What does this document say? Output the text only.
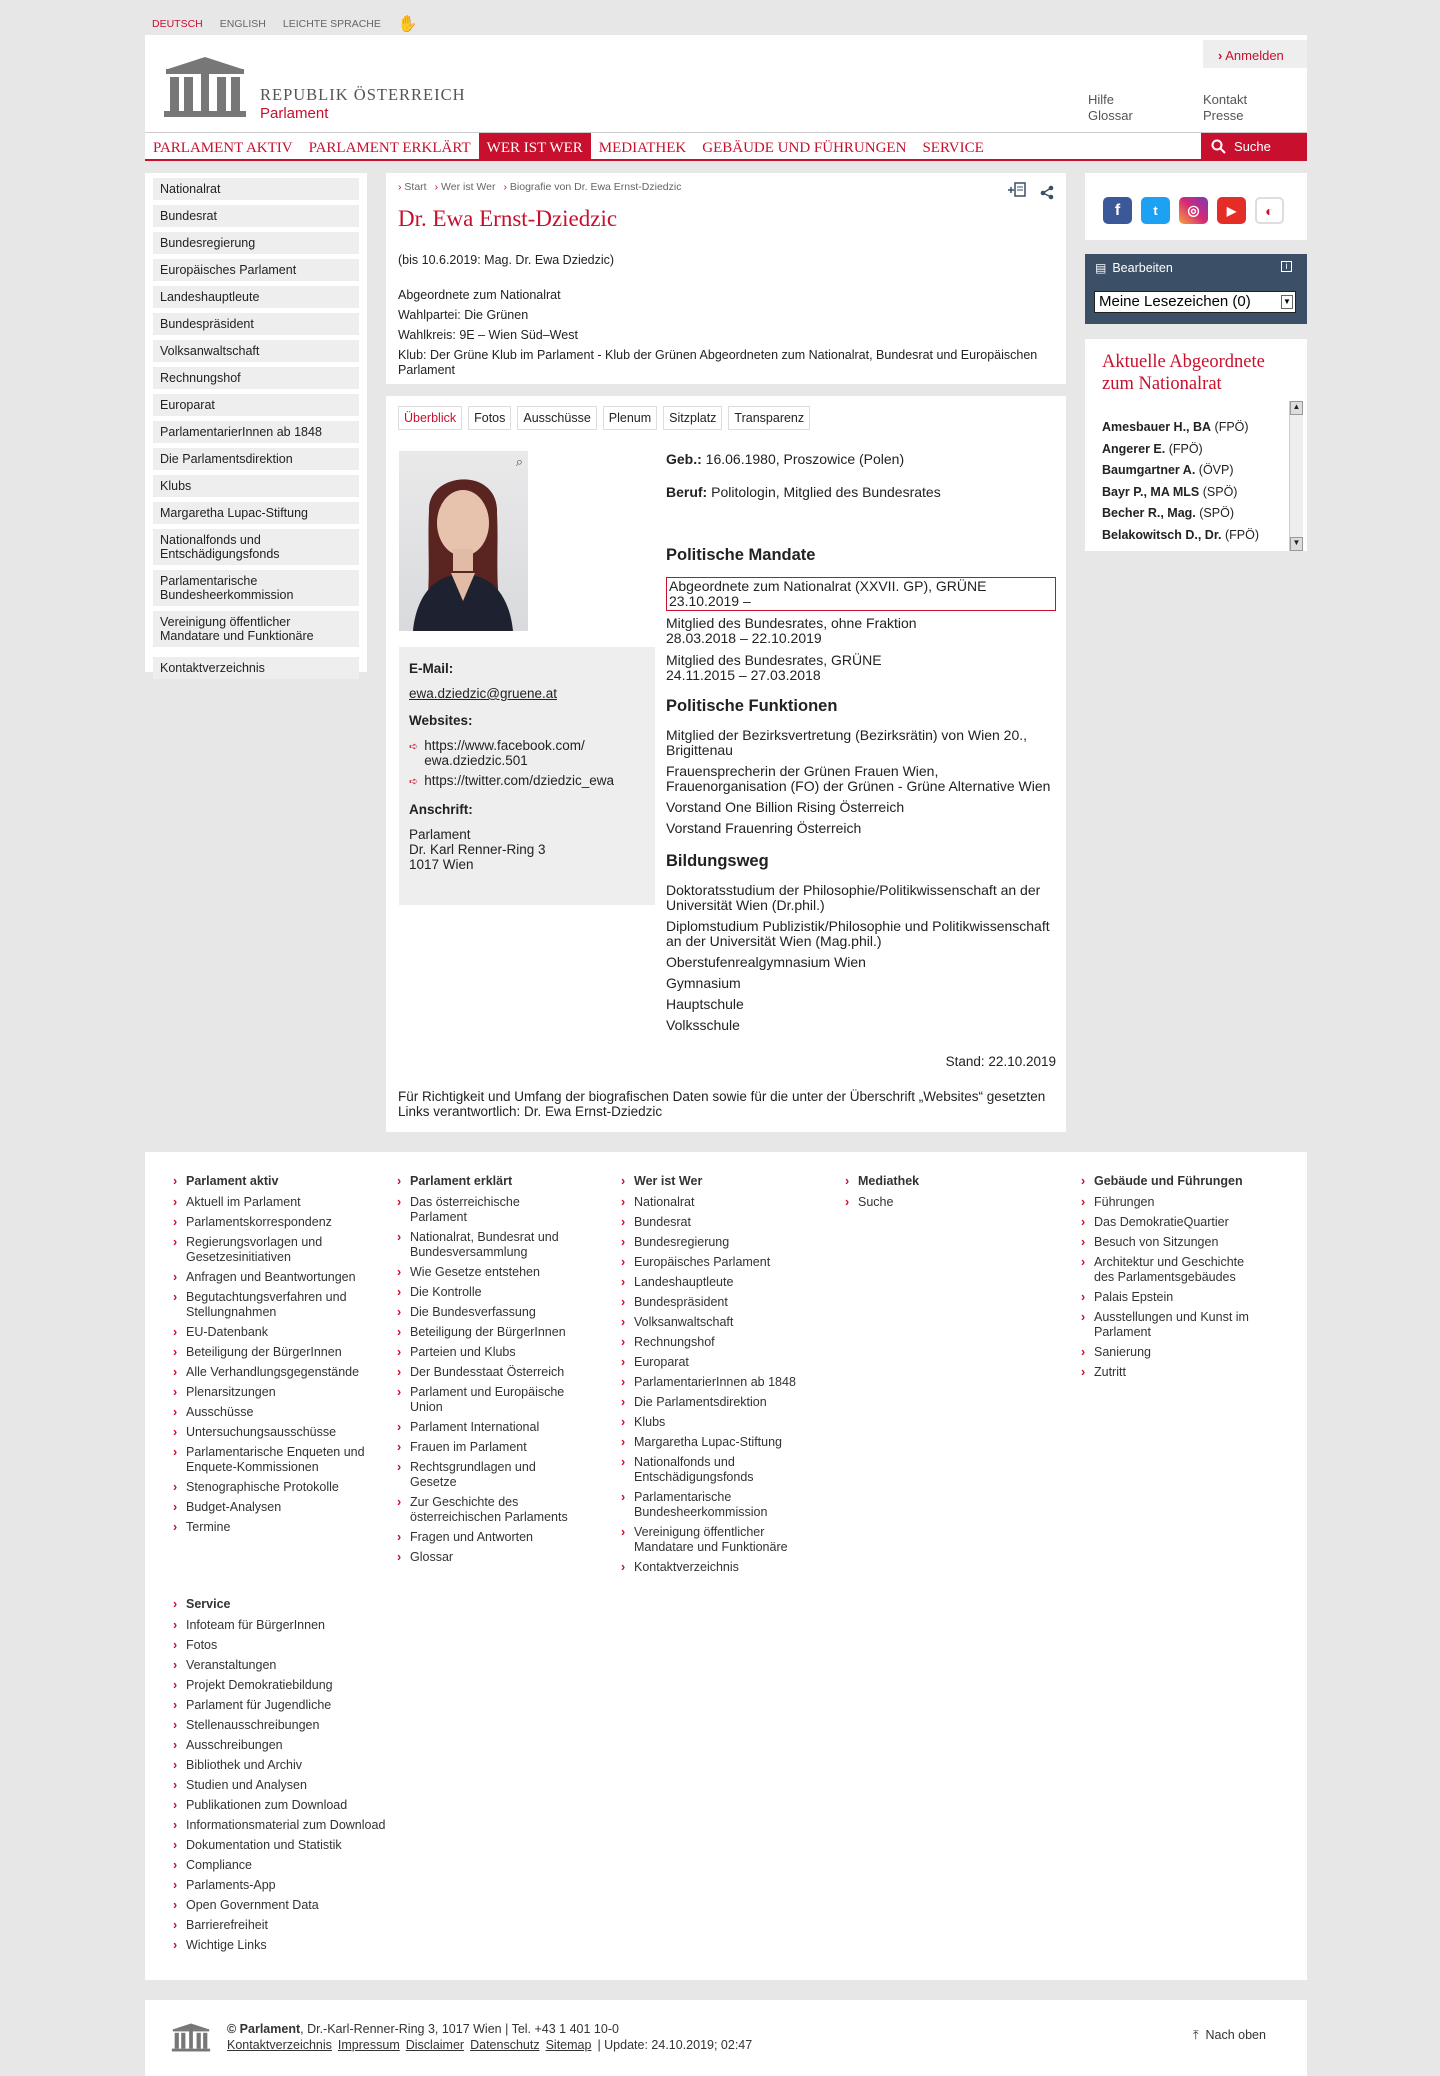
DEUTSCH ENGLISH LEICHTE SPRACHE ✋
REPUBLIK ÖSTERREICH
Parlament
› Anmelden
Hilfe
Glossar
Kontakt
Presse
PARLAMENT AKTIV	PARLAMENT ERKLÄRT	WER IST WER	MEDIATHEK	GEBÄUDE UND FÜHRUNGEN	SERVICE	Suche
Nationalrat
Bundesrat
Bundesregierung
Europäisches Parlament
Landeshauptleute
Bundespräsident
Volksanwaltschaft
Rechnungshof
Europarat
ParlamentarierInnen ab 1848
Die Parlamentsdirektion
Klubs
Margaretha Lupac-Stiftung
Nationalfonds und Entschädigungsfonds
Parlamentarische Bundesheerkommission
Vereinigung öffentlicher Mandatare und Funktionäre
Kontaktverzeichnis
› Start › Wer ist Wer › Biografie von Dr. Ewa Ernst-Dziedzic
Dr. Ewa Ernst-Dziedzic
(bis 10.6.2019: Mag. Dr. Ewa Dziedzic)
Abgeordnete zum Nationalrat
Wahlpartei: Die Grünen
Wahlkreis: 9E – Wien Süd–West
Klub: Der Grüne Klub im Parlament - Klub der Grünen Abgeordneten zum Nationalrat, Bundesrat und Europäischen Parlament
Überblick	Fotos	Ausschüsse	Plenum	Sitzplatz	Transparenz
⌕
E-Mail:
ewa.dziedzic@gruene.at
Websites:
➪ https://www.facebook.com/ ewa.dziedzic.501
➪ https://twitter.com/dziedzic_ewa
Anschrift:
Parlament
Dr. Karl Renner-Ring 3
1017 Wien
Geb.: 16.06.1980, Proszowice (Polen)
Beruf: Politologin, Mitglied des Bundesrates
Politische Mandate
Abgeordnete zum Nationalrat (XXVII. GP), GRÜNE
23.10.2019 –
Mitglied des Bundesrates, ohne Fraktion
28.03.2018 – 22.10.2019
Mitglied des Bundesrates, GRÜNE
24.11.2015 – 27.03.2018
Politische Funktionen
Mitglied der Bezirksvertretung (Bezirksrätin) von Wien 20., Brigittenau
Frauensprecherin der Grünen Frauen Wien, Frauenorganisation (FO) der Grünen - Grüne Alternative Wien
Vorstand One Billion Rising Österreich
Vorstand Frauenring Österreich
Bildungsweg
Doktoratsstudium der Philosophie/Politikwissenschaft an der Universität Wien (Dr.phil.)
Diplomstudium Publizistik/Philosophie und Politikwissenschaft an der Universität Wien (Mag.phil.)
Oberstufenrealgymnasium Wien
Gymnasium
Hauptschule
Volksschule
Stand: 22.10.2019
Für Richtigkeit und Umfang der biografischen Daten sowie für die unter der Überschrift „Websites“ gesetzten Links verantwortlich: Dr. Ewa Ernst-Dziedzic
f	t	◎	▶	◐
▤ Bearbeiten	i
Meine Lesezeichen (0)	▼
Aktuelle Abgeordnete zum Nationalrat
Amesbauer H., BA (FPÖ)
Angerer E. (FPÖ)
Baumgartner A. (ÖVP)
Bayr P., MA MLS (SPÖ)
Becher R., Mag. (SPÖ)
Belakowitsch D., Dr. (FPÖ)
▲
▼
› Parlament aktiv
› Aktuell im Parlament
› Parlamentskorrespondenz
› Regierungsvorlagen und Gesetzesinitiativen
› Anfragen und Beantwortungen
› Begutachtungsverfahren und Stellungnahmen
› EU-Datenbank
› Beteiligung der BürgerInnen
› Alle Verhandlungsgegenstände
› Plenarsitzungen
› Ausschüsse
› Untersuchungsausschüsse
› Parlamentarische Enqueten und Enquete-Kommissionen
› Stenographische Protokolle
› Budget-Analysen
› Termine
› Parlament erklärt
› Das österreichische Parlament
› Nationalrat, Bundesrat und Bundesversammlung
› Wie Gesetze entstehen
› Die Kontrolle
› Die Bundesverfassung
› Beteiligung der BürgerInnen
› Parteien und Klubs
› Der Bundesstaat Österreich
› Parlament und Europäische Union
› Parlament International
› Frauen im Parlament
› Rechtsgrundlagen und Gesetze
› Zur Geschichte des österreichischen Parlaments
› Fragen und Antworten
› Glossar
› Wer ist Wer
› Nationalrat
› Bundesrat
› Bundesregierung
› Europäisches Parlament
› Landeshauptleute
› Bundespräsident
› Volksanwaltschaft
› Rechnungshof
› Europarat
› ParlamentarierInnen ab 1848
› Die Parlamentsdirektion
› Klubs
› Margaretha Lupac-Stiftung
› Nationalfonds und Entschädigungsfonds
› Parlamentarische Bundesheerkommission
› Vereinigung öffentlicher Mandatare und Funktionäre
› Kontaktverzeichnis
› Mediathek
› Suche
› Gebäude und Führungen
› Führungen
› Das DemokratieQuartier
› Besuch von Sitzungen
› Architektur und Geschichte des Parlamentsgebäudes
› Palais Epstein
› Ausstellungen und Kunst im Parlament
› Sanierung
› Zutritt
› Service
› Infoteam für BürgerInnen
› Fotos
› Veranstaltungen
› Projekt Demokratiebildung
› Parlament für Jugendliche
› Stellenausschreibungen
› Ausschreibungen
› Bibliothek und Archiv
› Studien und Analysen
› Publikationen zum Download
› Informationsmaterial zum Download
› Dokumentation und Statistik
› Compliance
› Parlaments-App
› Open Government Data
› Barrierefreiheit
› Wichtige Links
© Parlament, Dr.-Karl-Renner-Ring 3, 1017 Wien | Tel. +43 1 401 10-0
Kontaktverzeichnis Impressum Disclaimer Datenschutz Sitemap | Update: 24.10.2019; 02:47
⤒ Nach oben
